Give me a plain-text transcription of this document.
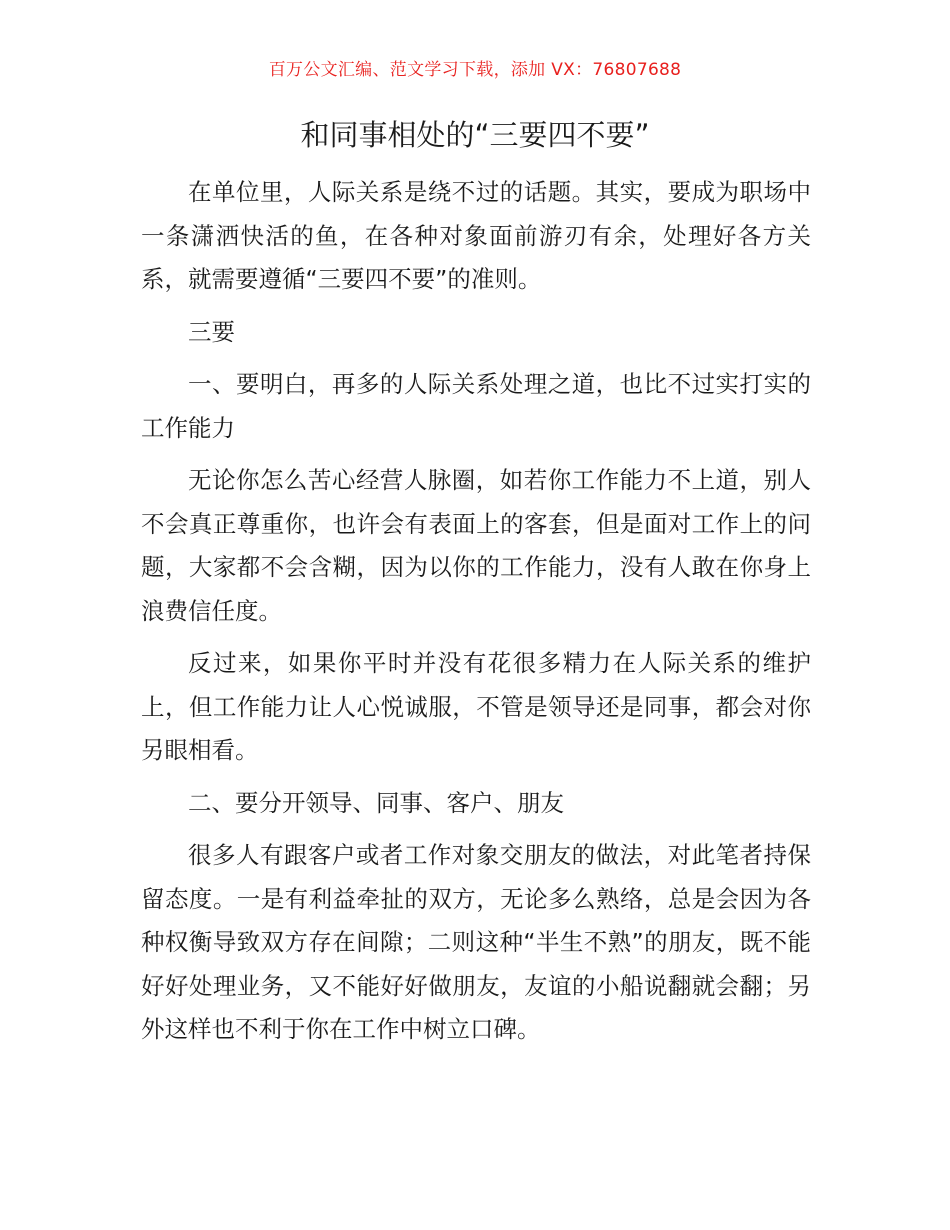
百万公文汇编、范文学习下载，添加 VX：76807688
和同事相处的“三要四不要”

在单位里，人际关系是绕不过的话题。其实，要成为职场中一条潇洒快活的鱼，在各种对象面前游刃有余，处理好各方关系，就需要遵循“三要四不要”的准则。

三要

一、要明白，再多的人际关系处理之道，也比不过实打实的工作能力

无论你怎么苦心经营人脉圈，如若你工作能力不上道，别人不会真正尊重你，也许会有表面上的客套，但是面对工作上的问题，大家都不会含糊，因为以你的工作能力，没有人敢在你身上浪费信任度。

反过来，如果你平时并没有花很多精力在人际关系的维护上，但工作能力让人心悦诚服，不管是领导还是同事，都会对你另眼相看。

二、要分开领导、同事、客户、朋友

很多人有跟客户或者工作对象交朋友的做法，对此笔者持保留态度。一是有利益牵扯的双方，无论多么熟络，总是会因为各种权衡导致双方存在间隙；二则这种“半生不熟”的朋友，既不能好好处理业务，又不能好好做朋友，友谊的小船说翻就会翻；另外这样也不利于你在工作中树立口碑。
